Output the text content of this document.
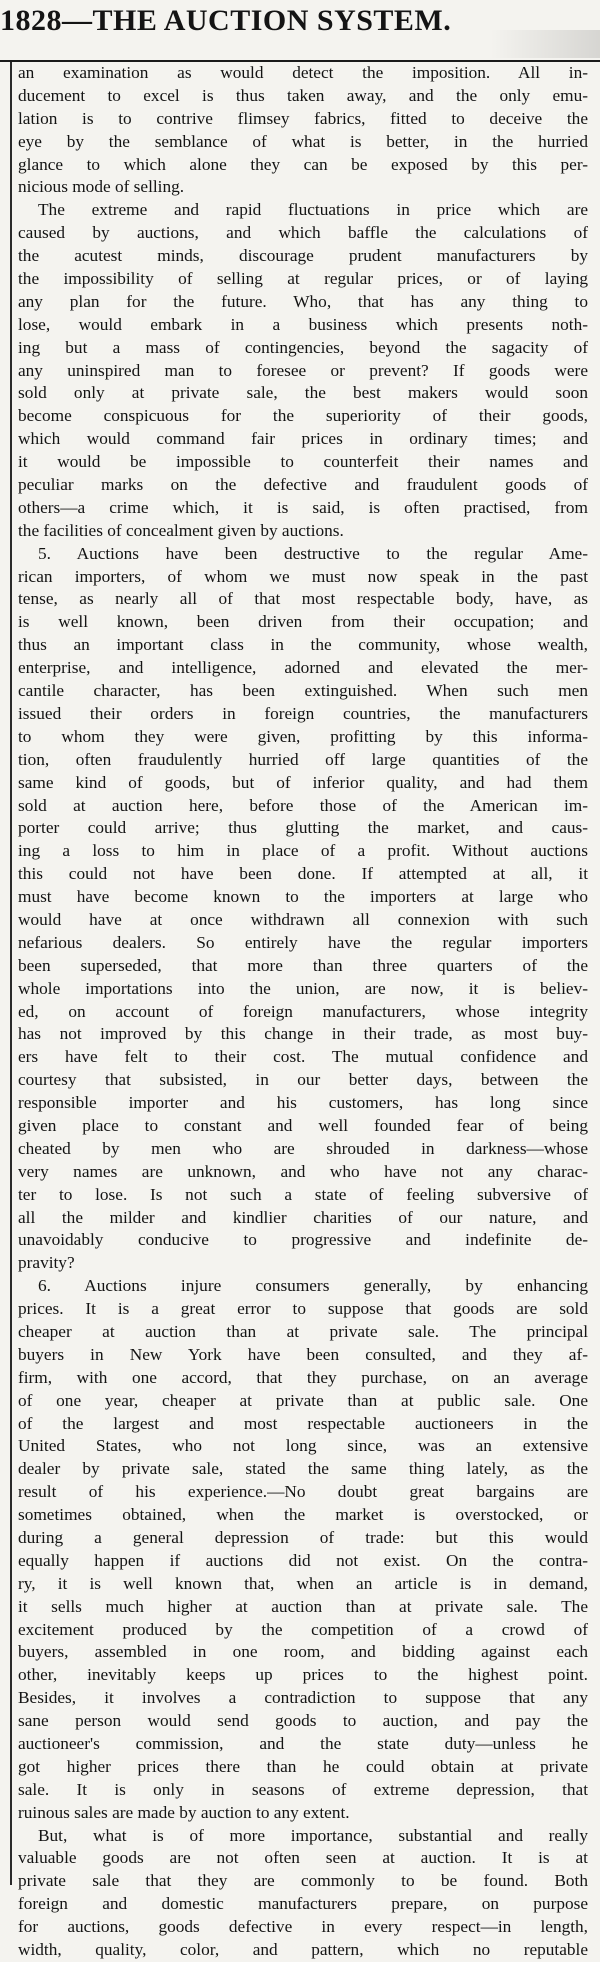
1828—THE AUCTION SYSTEM.
an examination as would detect the imposition. All in-
ducement to excel is thus taken away, and the only emu-
lation is to contrive flimsey fabrics, fitted to deceive the
eye by the semblance of what is better, in the hurried
glance to which alone they can be exposed by this per-
nicious mode of selling.
The extreme and rapid fluctuations in price which are
caused by auctions, and which baffle the calculations of
the acutest minds, discourage prudent manufacturers by
the impossibility of selling at regular prices, or of laying
any plan for the future. Who, that has any thing to
lose, would embark in a business which presents noth-
ing but a mass of contingencies, beyond the sagacity of
any uninspired man to foresee or prevent? If goods were
sold only at private sale, the best makers would soon
become conspicuous for the superiority of their goods,
which would command fair prices in ordinary times; and
it would be impossible to counterfeit their names and
peculiar marks on the defective and fraudulent goods of
others—a crime which, it is said, is often practised, from
the facilities of concealment given by auctions.
5. Auctions have been destructive to the regular Ame-
rican importers, of whom we must now speak in the past
tense, as nearly all of that most respectable body, have, as
is well known, been driven from their occupation; and
thus an important class in the community, whose wealth,
enterprise, and intelligence, adorned and elevated the mer-
cantile character, has been extinguished. When such men
issued their orders in foreign countries, the manufacturers
to whom they were given, profitting by this informa-
tion, often fraudulently hurried off large quantities of the
same kind of goods, but of inferior quality, and had them
sold at auction here, before those of the American im-
porter could arrive; thus glutting the market, and caus-
ing a loss to him in place of a profit. Without auctions
this could not have been done. If attempted at all, it
must have become known to the importers at large who
would have at once withdrawn all connexion with such
nefarious dealers. So entirely have the regular importers
been superseded, that more than three quarters of the
whole importations into the union, are now, it is believ-
ed, on account of foreign manufacturers, whose integrity
has not improved by this change in their trade, as most buy-
ers have felt to their cost. The mutual confidence and
courtesy that subsisted, in our better days, between the
responsible importer and his customers, has long since
given place to constant and well founded fear of being
cheated by men who are shrouded in darkness—whose
very names are unknown, and who have not any charac-
ter to lose. Is not such a state of feeling subversive of
all the milder and kindlier charities of our nature, and
unavoidably conducive to progressive and indefinite de-
pravity?
6. Auctions injure consumers generally, by enhancing
prices. It is a great error to suppose that goods are sold
cheaper at auction than at private sale. The principal
buyers in New York have been consulted, and they af-
firm, with one accord, that they purchase, on an average
of one year, cheaper at private than at public sale. One
of the largest and most respectable auctioneers in the
United States, who not long since, was an extensive
dealer by private sale, stated the same thing lately, as the
result of his experience.—No doubt great bargains are
sometimes obtained, when the market is overstocked, or
during a general depression of trade: but this would
equally happen if auctions did not exist. On the contra-
ry, it is well known that, when an article is in demand,
it sells much higher at auction than at private sale. The
excitement produced by the competition of a crowd of
buyers, assembled in one room, and bidding against each
other, inevitably keeps up prices to the highest point.
Besides, it involves a contradiction to suppose that any
sane person would send goods to auction, and pay the
auctioneer's commission, and the state duty—unless he
got higher prices there than he could obtain at private
sale. It is only in seasons of extreme depression, that
ruinous sales are made by auction to any extent.
But, what is of more importance, substantial and really
valuable goods are not often seen at auction. It is at
private sale that they are commonly to be found. Both
foreign and domestic manufacturers prepare, on purpose
for auctions, goods defective in every respect—in length,
width, quality, color, and pattern, which no reputable
